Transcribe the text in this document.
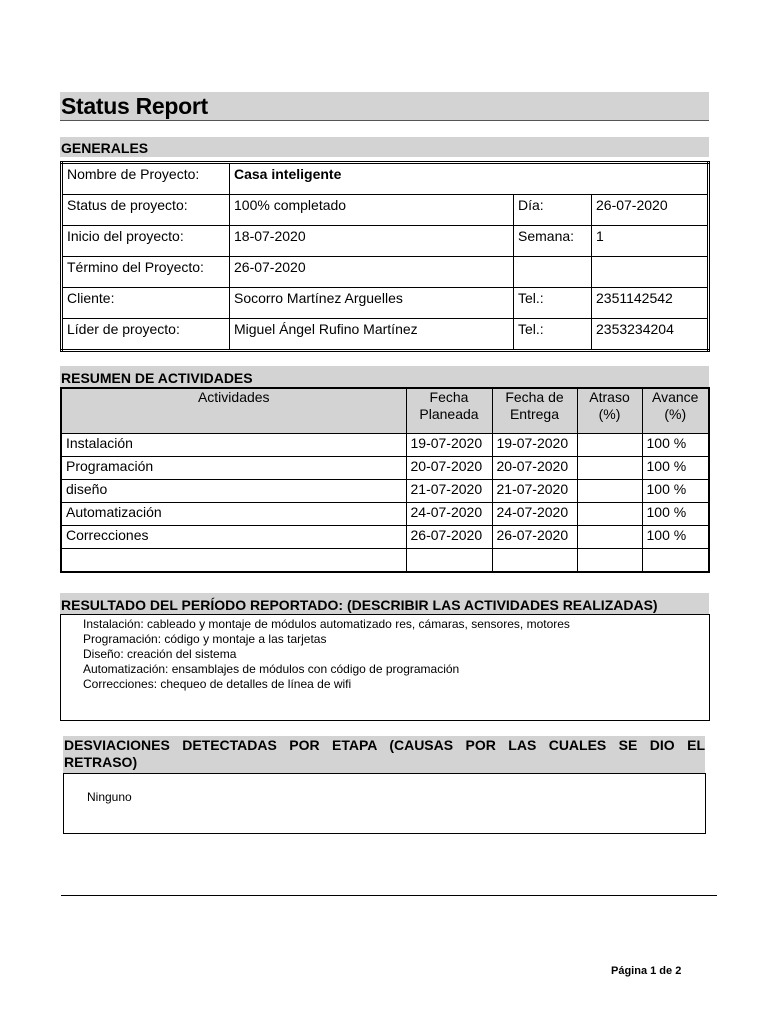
Status Report
GENERALES
Nombre de Proyecto:	Casa inteligente		
Status de proyecto:	100% completado	Día:	26-07-2020
Inicio del proyecto:	18-07-2020	Semana:	1
Término del Proyecto:	26-07-2020		
Cliente:	Socorro Martínez Arguelles	Tel.:	2351142542
Líder de proyecto:	Miguel Ángel Rufino Martínez	Tel.:	2353234204
RESUMEN DE ACTIVIDADES
Actividades	Fecha Planeada	Fecha de Entrega	Atraso (%)	Avance (%)
Instalación	19-07-2020	19-07-2020		100 %
Programación	20-07-2020	20-07-2020		100 %
diseño	21-07-2020	21-07-2020		100 %
Automatización	24-07-2020	24-07-2020		100 %
Correcciones	26-07-2020	26-07-2020		100 %

RESULTADO DEL PERÍODO REPORTADO: (DESCRIBIR LAS ACTIVIDADES REALIZADAS)
Instalación: cableado y montaje de módulos automatizado res, cámaras, sensores, motores
Programación: código y montaje a las tarjetas
Diseño: creación del sistema
Automatización: ensamblajes de módulos con código de programación
Correcciones: chequeo de detalles de línea de wifi
DESVIACIONES DETECTADAS POR ETAPA (CAUSAS POR LAS CUALES SE DIO EL RETRASO)
Ninguno
Página 1 de 2
